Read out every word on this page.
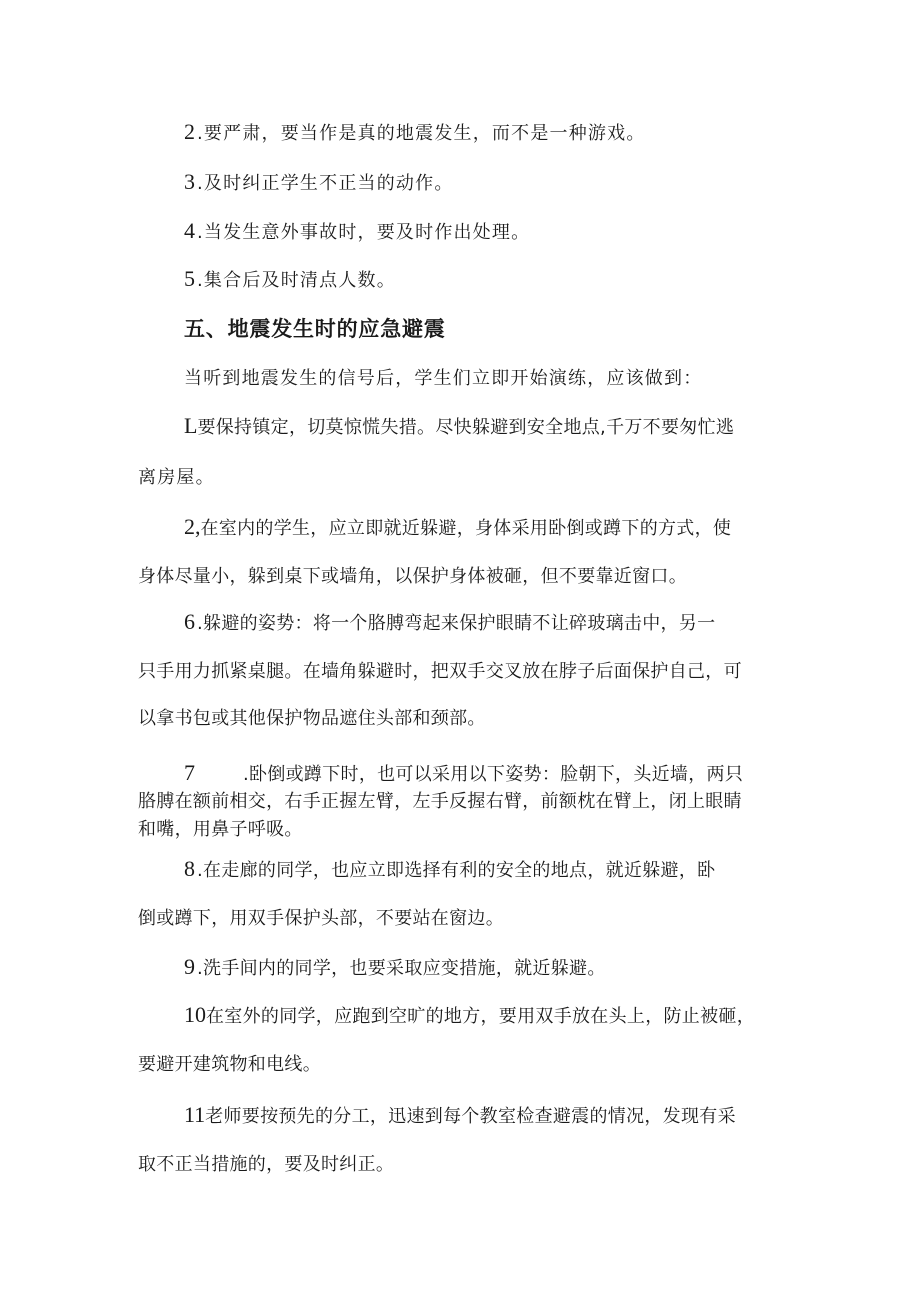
2 .要严肃，要当作是真的地震发生，而不是一种游戏。
3 .及时纠正学生不正当的动作。
4 .当发生意外事故时，要及时作出处理。
5 .集合后及时清点人数。
五、地震发生时的应急避震
当听到地震发生的信号后，学生们立即开始演练，应该做到：
L要保持镇定，切莫惊慌失措。尽快躲避到安全地点,千万不要匆忙逃
离房屋。
2,在室内的学生，应立即就近躲避，身体采用卧倒或蹲下的方式，使
身体尽量小，躲到桌下或墙角，以保护身体被砸，但不要靠近窗口。
6 .躲避的姿势：将一个胳膊弯起来保护眼睛不让碎玻璃击中，另一
只手用力抓紧桌腿。在墙角躲避时，把双手交叉放在脖子后面保护自己，可
以拿书包或其他保护物品遮住头部和颈部。
7	.卧倒或蹲下时，也可以采用以下姿势：脸朝下，头近墙，两只
胳膊在额前相交，右手正握左臂，左手反握右臂，前额枕在臂上，闭上眼睛
和嘴，用鼻子呼吸。
8 .在走廊的同学，也应立即选择有利的安全的地点，就近躲避，卧
倒或蹲下，用双手保护头部，不要站在窗边。
9 .洗手间内的同学，也要采取应变措施，就近躲避。
10在室外的同学，应跑到空旷的地方，要用双手放在头上，防止被砸，
要避开建筑物和电线。
11老师要按预先的分工，迅速到每个教室检查避震的情况，发现有采
取不正当措施的，要及时纠正。
